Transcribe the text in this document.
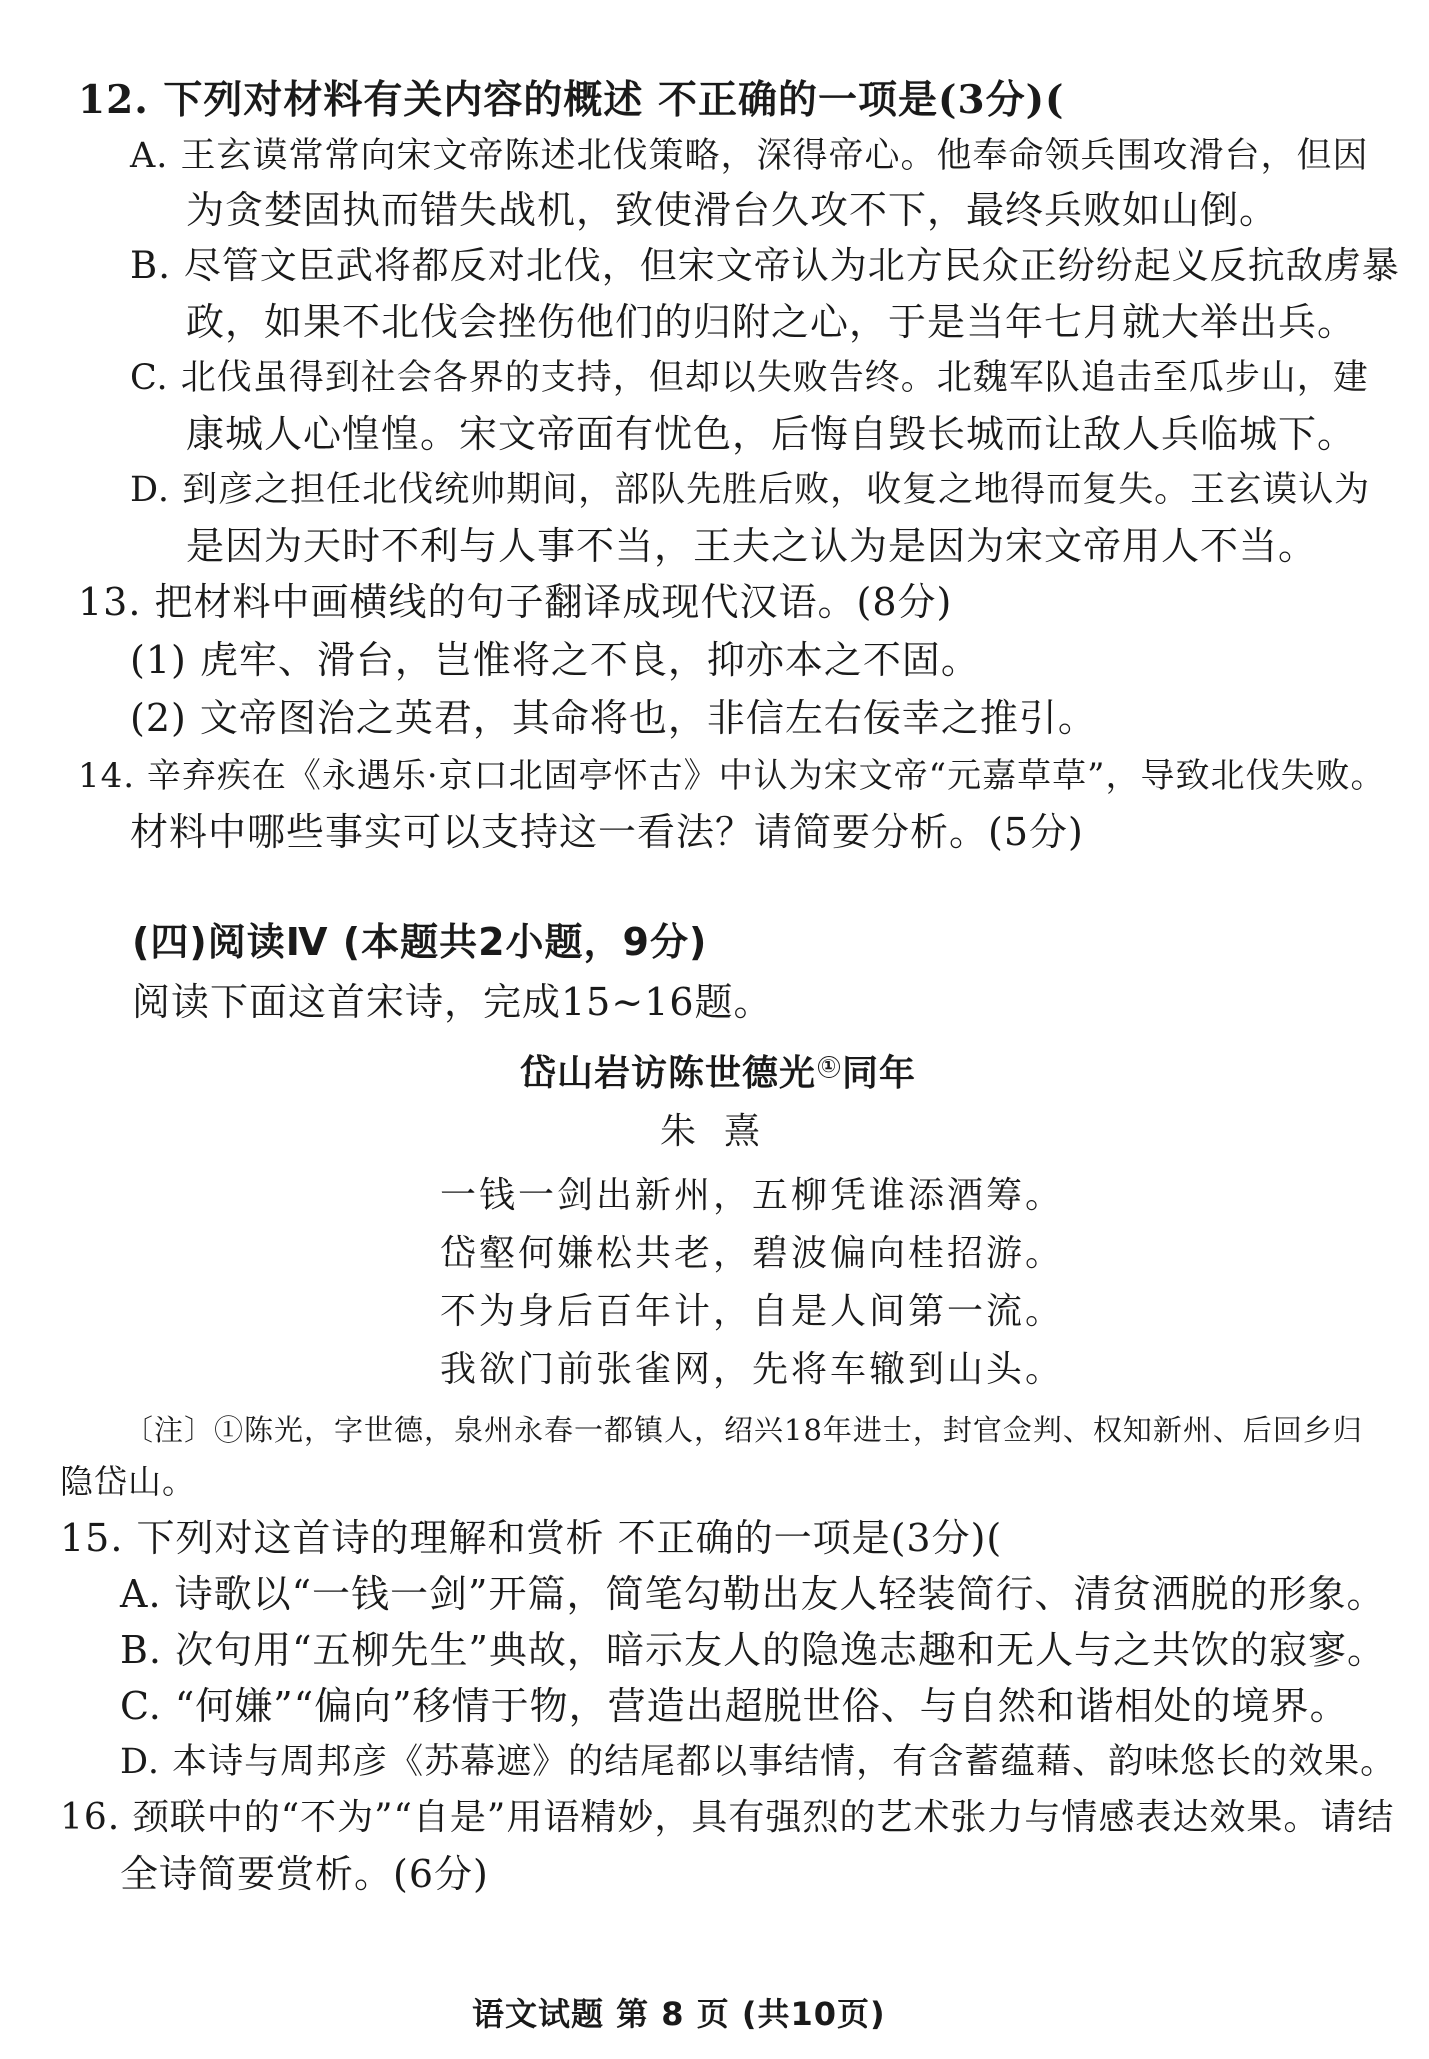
12. 下列对材料有关内容的概述 不正确的一项是(3分)(
A. 王玄谟常常向宋文帝陈述北伐策略，深得帝心。他奉命领兵围攻滑台，但因
为贪婪固执而错失战机，致使滑台久攻不下，最终兵败如山倒。
B. 尽管文臣武将都反对北伐，但宋文帝认为北方民众正纷纷起义反抗敌虏暴
政，如果不北伐会挫伤他们的归附之心，于是当年七月就大举出兵。
C. 北伐虽得到社会各界的支持，但却以失败告终。北魏军队追击至瓜步山，建
康城人心惶惶。宋文帝面有忧色，后悔自毁长城而让敌人兵临城下。
D. 到彦之担任北伐统帅期间，部队先胜后败，收复之地得而复失。王玄谟认为
是因为天时不利与人事不当，王夫之认为是因为宋文帝用人不当。
13. 把材料中画横线的句子翻译成现代汉语。(8分)
(1) 虎牢、滑台，岂惟将之不良，抑亦本之不固。
(2) 文帝图治之英君，其命将也，非信左右佞幸之推引。
14. 辛弃疾在《永遇乐·京口北固亭怀古》中认为宋文帝“元嘉草草”，导致北伐失败。
材料中哪些事实可以支持这一看法？请简要分析。(5分)
(四)阅读Ⅳ (本题共2小题，9分)
阅读下面这首宋诗，完成15~16题。
岱山岩访陈世德光 ① 同年
朱熹
一钱一剑出新州，五柳凭谁添酒筹。
岱壑何嫌松共老，碧波偏向桂招游。
不为身后百年计，自是人间第一流。
我欲门前张雀网，先将车辙到山头。
〔注〕①陈光，字世德，泉州永春一都镇人，绍兴18年进士，封官佥判、权知新州、后回乡归
隐岱山。
15. 下列对这首诗的理解和赏析 不正确的一项是(3分)(
A. 诗歌以“一钱一剑”开篇，简笔勾勒出友人轻装简行、清贫洒脱的形象。
B. 次句用“五柳先生”典故，暗示友人的隐逸志趣和无人与之共饮的寂寥。
C. “何嫌”“偏向”移情于物，营造出超脱世俗、与自然和谐相处的境界。
D. 本诗与周邦彦《苏幕遮》的结尾都以事结情，有含蓄蕴藉、韵味悠长的效果。
16. 颈联中的“不为”“自是”用语精妙，具有强烈的艺术张力与情感表达效果。请结
全诗简要赏析。(6分)
语文试题 第 8 页 (共10页)
